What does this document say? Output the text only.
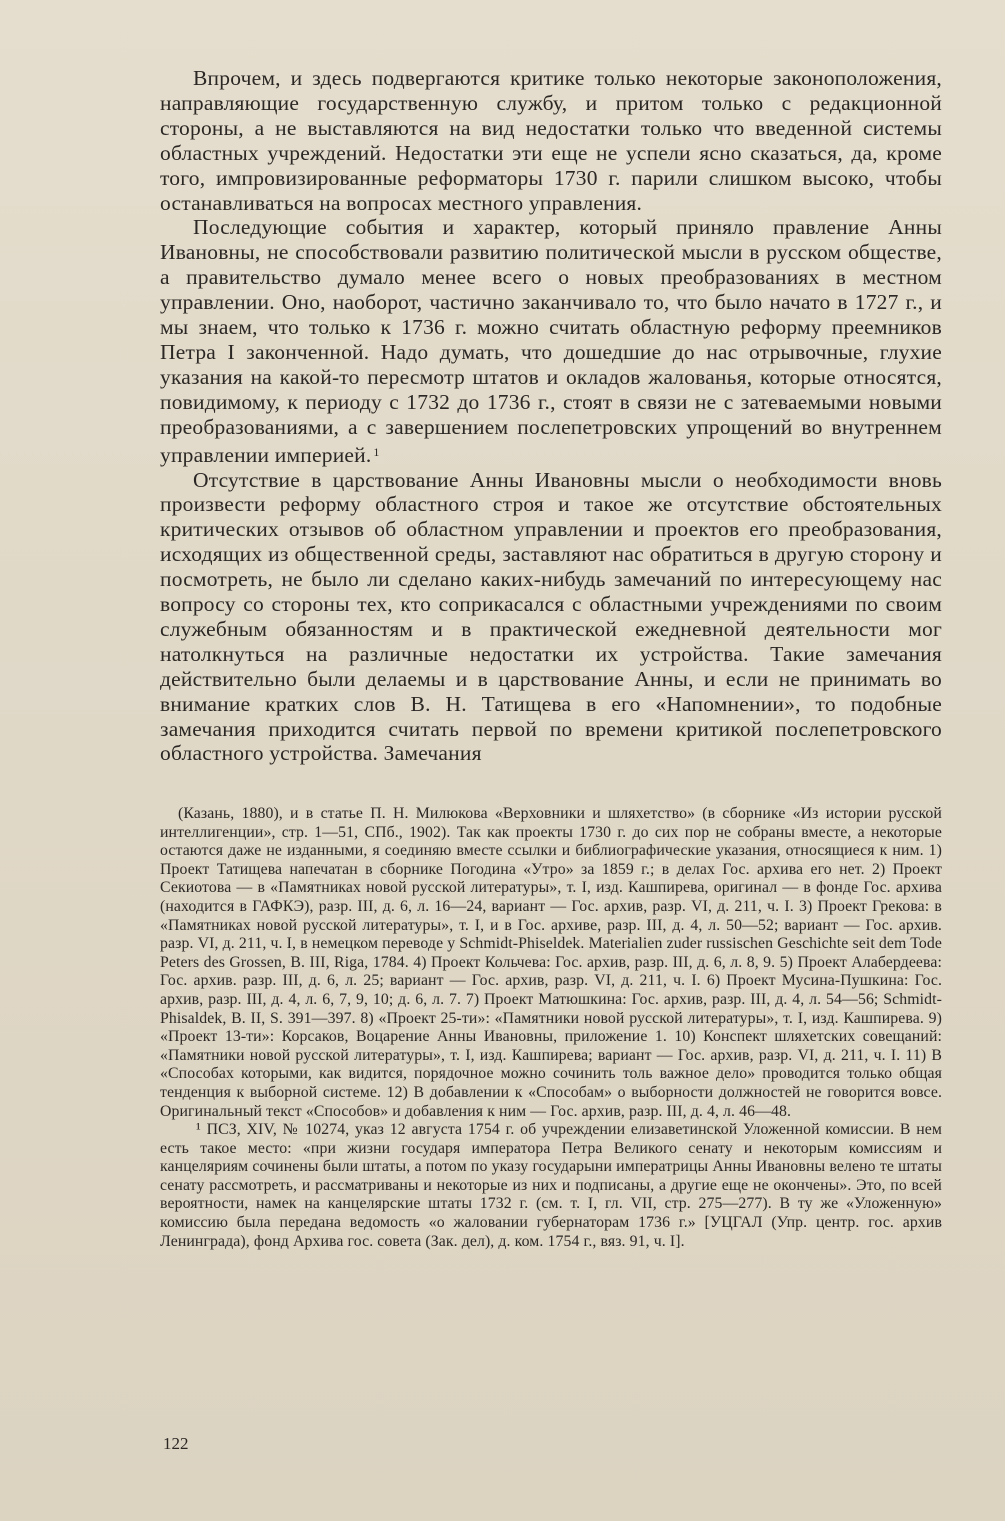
Впрочем, и здесь подвергаются критике только некоторые законоположения, направляющие государственную службу, и притом только с редакционной стороны, а не выставляются на вид недостатки только что введенной системы областных учреждений. Недостатки эти еще не успели ясно сказаться, да, кроме того, импровизированные реформаторы 1730 г. парили слишком высоко, чтобы останавливаться на вопросах местного управления.

Последующие события и характер, который приняло правление Анны Ивановны, не способствовали развитию политической мысли в русском обществе, а правительство думало менее всего о новых преобразованиях в местном управлении. Оно, наоборот, частично заканчивало то, что было начато в 1727 г., и мы знаем, что только к 1736 г. можно считать областную реформу преемников Петра I законченной. Надо думать, что дошедшие до нас отрывочные, глухие указания на какой-то пересмотр штатов и окладов жалованья, которые относятся, повидимому, к периоду с 1732 до 1736 г., стоят в связи не с затеваемыми новыми преобразованиями, а с завершением послепетровских упрощений во внутреннем управлении империей. $^1$

Отсутствие в царствование Анны Ивановны мысли о необходимости вновь произвести реформу областного строя и такое же отсутствие обстоятельных критических отзывов об областном управлении и проектов его преобразования, исходящих из общественной среды, заставляют нас обратиться в другую сторону и посмотреть, не было ли сделано каких-нибудь замечаний по интересующему нас вопросу со стороны тех, кто соприкасался с областными учреждениями по своим служебным обязанностям и в практической ежедневной деятельности мог натолкнуться на различные недостатки их устройства. Такие замечания действительно были делаемы и в царствование Анны, и если не принимать во внимание кратких слов В. Н. Татищева в его «Напомнении», то подобные замечания приходится считать первой по времени критикой послепетровского областного устройства. Замечания

(Казань, 1880), и в статье П. Н. Милюкова «Верховники и шляхетство» (в сборнике «Из истории русской интеллигенции», стр. 1—51, СПб., 1902). Так как проекты 1730 г. до сих пор не собраны вместе, а некоторые остаются даже не изданными, я соединяю вместе ссылки и библиографические указания, относящиеся к ним. 1) Проект Татищева напечатан в сборнике Погодина «Утро» за 1859 г.; в делах Гос. архива его нет. 2) Проект Секиотова — в «Памятниках новой русской литературы», т. I, изд. Кашпирева, оригинал — в фонде Гос. архива (находится в ГАФКЭ), разр. III, д. 6, л. 16—24, вариант — Гос. архив, разр. VI, д. 211, ч. I. 3) Проект Грекова: в «Памятниках новой русской литературы», т. I, и в Гос. архиве, разр. III, д. 4, л. 50—52; вариант — Гос. архив. разр. VI, д. 211, ч. I, в немецком переводе у Schmidt-Phiseldek. Materialien zuder russischen Geschichte seit dem Tode Peters des Grossen, B. III, Riga, 1784. 4) Проект Кольчева: Гос. архив, разр. III, д. 6, л. 8, 9. 5) Проект Алабердеева: Гос. архив. разр. III, д. 6, л. 25; вариант — Гос. архив, разр. VI, д. 211, ч. I. 6) Проект Мусина-Пушкина: Гос. архив, разр. III, д. 4, л. 6, 7, 9, 10; д. 6, л. 7. 7) Проект Матюшкина: Гос. архив, разр. III, д. 4, л. 54—56; Schmidt-Phisaldek, B. II, S. 391—397. 8) «Проект 25-ти»: «Памятники новой русской литературы», т. I, изд. Кашпирева. 9) «Проект 13-ти»: Корсаков, Воцарение Анны Ивановны, приложение 1. 10) Конспект шляхетских совещаний: «Памятники новой русской литературы», т. I, изд. Кашпирева; вариант — Гос. архив, разр. VI, д. 211, ч. I. 11) В «Способах которыми, как видится, порядочное можно сочинить толь важное дело» проводится только общая тенденция к выборной системе. 12) В добавлении к «Способам» о выборности должностей не говорится вовсе. Оригинальный текст «Способов» и добавления к ним — Гос. архив, разр. III, д. 4, л. 46—48.

¹ ПСЗ, XIV, № 10274, указ 12 августа 1754 г. об учреждении елизаветинской Уложенной комиссии. В нем есть такое место: «при жизни государя императора Петра Великого сенату и некоторым комиссиям и канцеляриям сочинены были штаты, а потом по указу государыни императрицы Анны Ивановны велено те штаты сенату рассмотреть, и рассматриваны и некоторые из них и подписаны, а другие еще не окончены». Это, по всей вероятности, намек на канцелярские штаты 1732 г. (см. т. I, гл. VII, стр. 275—277). В ту же «Уложенную» комиссию была передана ведомость «о жаловании губернаторам 1736 г.» [УЦГАЛ (Упр. центр. гос. архив Ленинграда), фонд Архива гос. совета (Зак. дел), д. ком. 1754 г., вяз. 91, ч. I].

122
